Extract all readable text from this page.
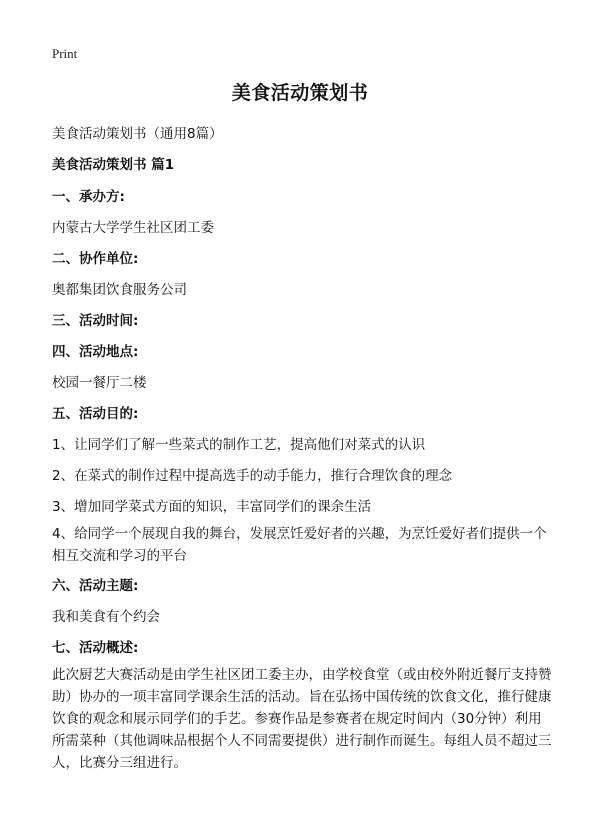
Print
美食活动策划书
美食活动策划书（通用8篇）
美食活动策划书 篇1
一、承办方:
内蒙古大学学生社区团工委
二、协作单位:
奥都集团饮食服务公司
三、活动时间:
四、活动地点:
校园一餐厅二楼
五、活动目的:
1、让同学们了解一些菜式的制作工艺，提高他们对菜式的认识
2、在菜式的制作过程中提高选手的动手能力，推行合理饮食的理念
3、增加同学菜式方面的知识，丰富同学们的课余生活
4、给同学一个展现自我的舞台，发展烹饪爱好者的兴趣，为烹饪爱好者们提供一个相互交流和学习的平台
六、活动主题:
我和美食有个约会
七、活动概述:
此次厨艺大赛活动是由学生社区团工委主办，由学校食堂（或由校外附近餐厅支持赞助）协办的一项丰富同学课余生活的活动。旨在弘扬中国传统的饮食文化，推行健康饮食的观念和展示同学们的手艺。参赛作品是参赛者在规定时间内（30分钟）利用所需菜种（其他调味品根据个人不同需要提供）进行制作而诞生。每组人员不超过三人，比赛分三组进行。
